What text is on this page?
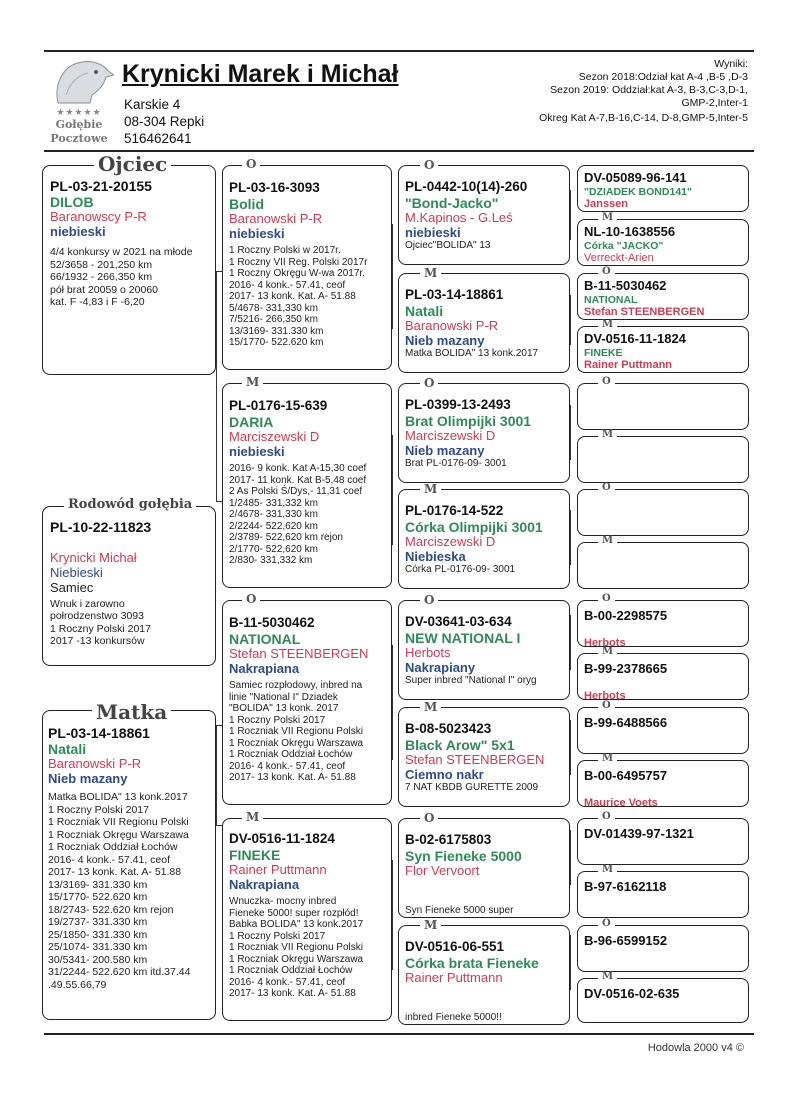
★★★★★
Gołębie
Pocztowe
Krynicki Marek i Michał
Karskie 4
08-304 Repki
516462641
Wyniki:
Sezon 2018:Odział kat A-4 ,B-5 ,D-3
Sezon 2019: Oddział:kat A-3, B-3,C-3,D-1,
GMP-2,Inter-1
Okreg Kat A-7,B-16,C-14, D-8,GMP-5,Inter-5
PL-03-21-20155
DILOB
Baranowscy P-R
niebieski
4/4 konkursy w 2021 na młode
52/3658 - 201,250 km
66/1932 - 266,350 km
pół brat 20059 o 20060
kat. F -4,83 i F -6,20
Ojciec
PL-10-22-11823
Krynicki Michał
Niebieski
Samiec
Wnuk i zarowno
połrodzenstwo 3093
1 Roczny Polski 2017
2017 -13 konkursów
Rodowód gołębia
PL-03-14-18861
Natali
Baranowski P-R
Nieb mazany
Matka BOLIDA" 13 konk.2017
1 Roczny Polski 2017
1 Roczniak VII Regionu Polski
1 Roczniak Okręgu Warszawa
1 Roczniak Oddział Łochów
2016- 4 konk.- 57.41, ceof
2017- 13 konk. Kat. A- 51.88
13/3169- 331.330 km
15/1770- 522.620 km
18/2743- 522.620 km rejon
19/2737- 331.330 km
25/1850- 331.330 km
25/1074- 331.330 km
30/5341- 200.580 km
31/2244- 522.620 km itd.37.44
.49.55.66,79
Matka
PL-03-16-3093
Bolid
Baranowski P-R
niebieski
1 Roczny Polski w 2017r.
1 Roczny VII Reg. Polski 2017r
1 Roczny Okręgu W-wa 2017r.
2016- 4 konk.- 57.41, ceof
2017- 13 konk. Kat. A- 51.88
5/4678- 331,330 km
7/5216- 266,350 km
13/3169- 331.330 km
15/1770- 522.620 km
O
PL-0176-15-639
DARIA
Marciszewski D
niebieski
2016- 9 konk. Kat A-15,30 coef
2017- 11 konk. Kat B-5,48 coef
2 As Polski Ś/Dys,- 11,31 coef
1/2485- 331,332 km
2/4678- 331,330 km
2/2244- 522,620 km
2/3789- 522,620 km rejon
2/1770- 522,620 km
2/830- 331,332 km
M
B-11-5030462
NATIONAL
Stefan STEENBERGEN
Nakrapiana
Samiec rozpłodowy, inbred na
linie "National I" Dziadek
"BOLIDA" 13 konk. 2017
1 Roczny Polski 2017
1 Roczniak VII Regionu Polski
1 Roczniak Okręgu Warszawa
1 Roczniak Oddział Łochów
2016- 4 konk.- 57.41, ceof
2017- 13 konk. Kat. A- 51.88
O
DV-0516-11-1824
FINEKE
Rainer Puttmann
Nakrapiana
Wnuczka- mocny inbred
Fieneke 5000! super rozpłód!
Babka BOLIDA" 13 konk.2017
1 Roczny Polski 2017
1 Roczniak VII Regionu Polski
1 Roczniak Okręgu Warszawa
1 Roczniak Oddział Łochów
2016- 4 konk.- 57.41, ceof
2017- 13 konk. Kat. A- 51.88
M
PL-0442-10(14)-260
"Bond-Jacko"
M.Kapinos - G.Leś
niebieski
Ojciec"BOLIDA" 13
O
PL-03-14-18861
Natali
Baranowski P-R
Nieb mazany
Matka BOLIDA" 13 konk.2017
M
PL-0399-13-2493
Brat Olimpijki 3001
Marciszewski D
Nieb mazany
Brat PL-0176-09- 3001
O
PL-0176-14-522
Córka Olimpijki 3001
Marciszewski D
Niebieska
Córka PL-0176-09- 3001
M
DV-03641-03-634
NEW NATIONAL I
Herbots
Nakrapiany
Super inbred "National I" oryg
O
B-08-5023423
Black Arow" 5x1
Stefan STEENBERGEN
Ciemno nakr
7 NAT KBDB GURETTE 2009
M
B-02-6175803
Syn Fieneke 5000
Flor Vervoort
Syn Fieneke 5000 super
O
DV-0516-06-551
Córka brata Fieneke
Rainer Puttmann
inbred Fieneke 5000!!
M
DV-05089-96-141
"DZIADEK BOND141"
Janssen
NL-10-1638556
Córka "JACKO"
Verreckt-Arien
M
B-11-5030462
NATIONAL
Stefan STEENBERGEN
O
DV-0516-11-1824
FINEKE
Rainer Puttmann
M
O
M
O
M
B-00-2298575
Herbots
O
B-99-2378665
Herbots
M
B-99-6488566
O
B-00-6495757
Maurice Voets
M
DV-01439-97-1321
O
B-97-6162118
M
B-96-6599152
O
DV-0516-02-635
M
Hodowla 2000 v4 ©
